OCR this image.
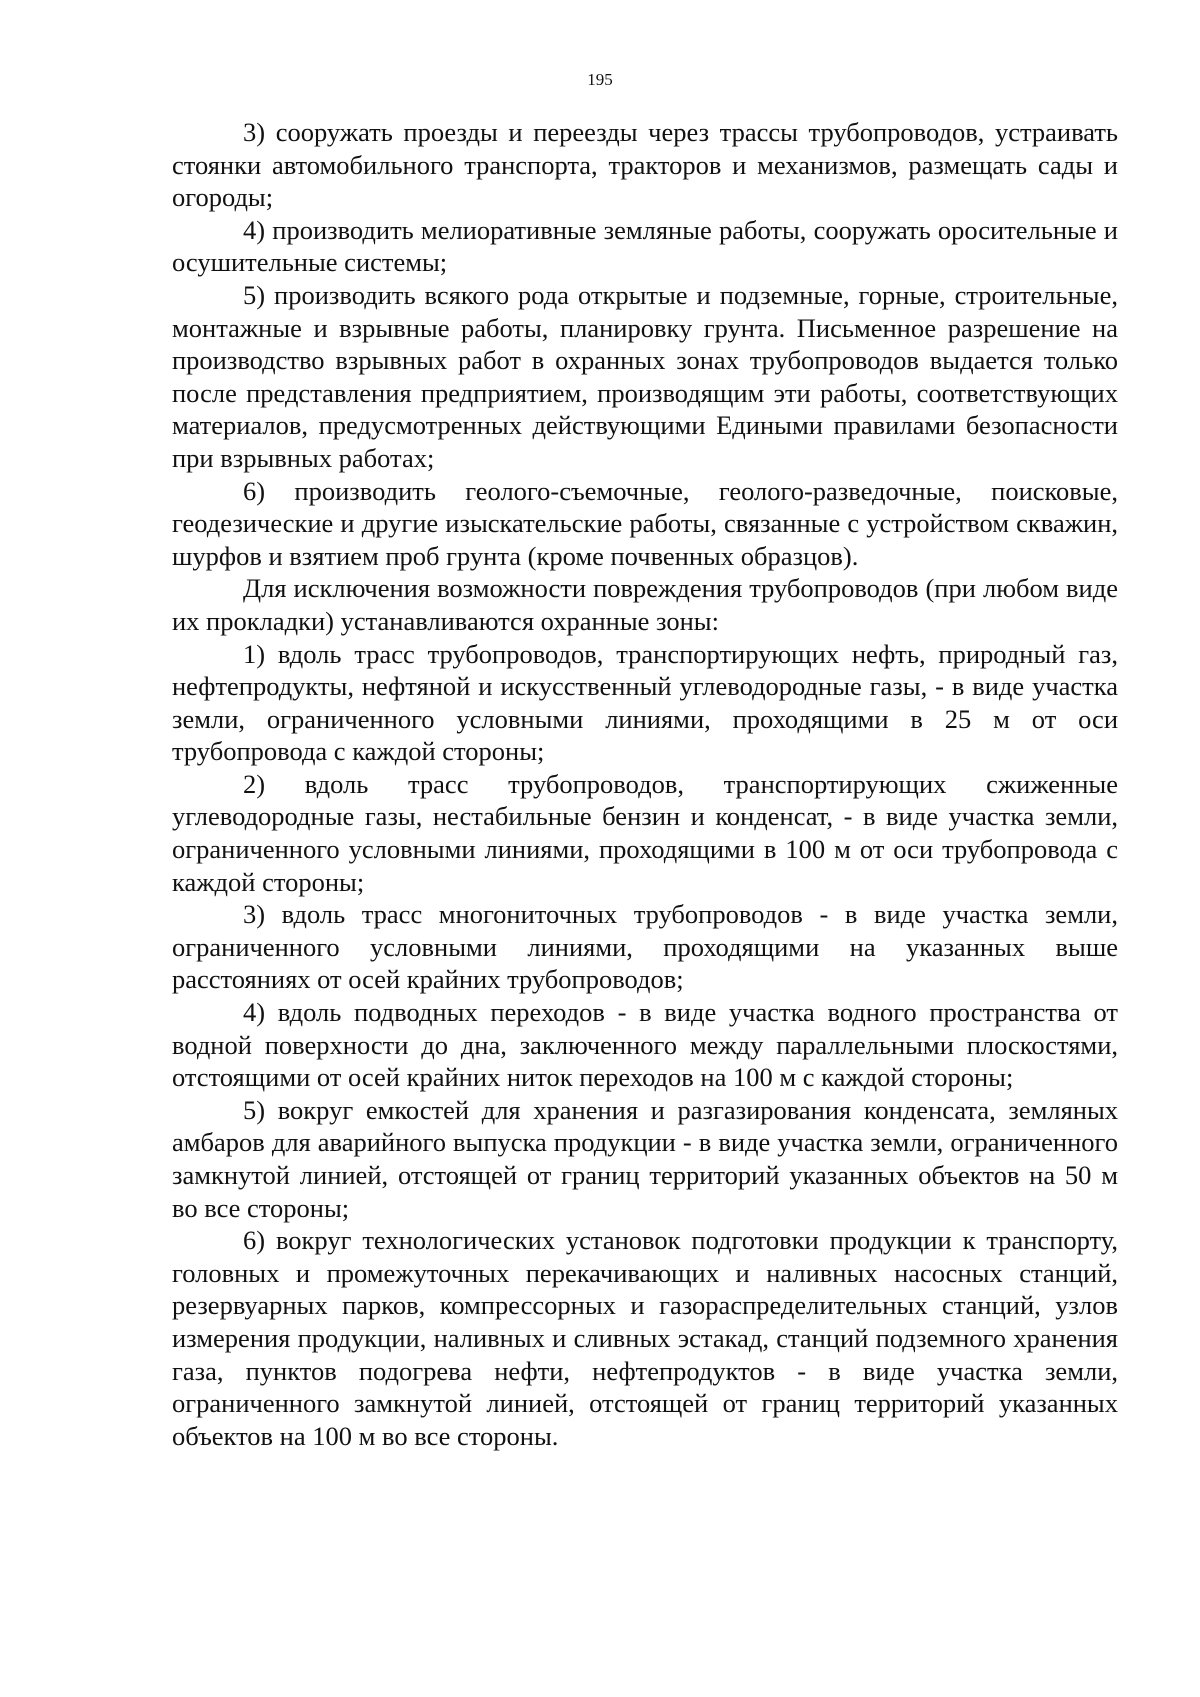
195

3) сооружать проезды и переезды через трассы трубопроводов, устраивать стоянки автомобильного транспорта, тракторов и механизмов, размещать сады и огороды;

4) производить мелиоративные земляные работы, сооружать оросительные и осушительные системы;

5) производить всякого рода открытые и подземные, горные, строительные, монтажные и взрывные работы, планировку грунта. Письменное разрешение на производство взрывных работ в охранных зонах трубопроводов выдается только после представления предприятием, производящим эти работы, соответствующих материалов, предусмотренных действующими Едиными правилами безопасности при взрывных работах;

6) производить геолого-съемочные, геолого-разведочные, поисковые, геодезические и другие изыскательские работы, связанные с устройством скважин, шурфов и взятием проб грунта (кроме почвенных образцов).

Для исключения возможности повреждения трубопроводов (при любом виде их прокладки) устанавливаются охранные зоны:

1) вдоль трасс трубопроводов, транспортирующих нефть, природный газ, нефтепродукты, нефтяной и искусственный углеводородные газы, - в виде участка земли, ограниченного условными линиями, проходящими в 25 м от оси трубопровода с каждой стороны;

2) вдоль трасс трубопроводов, транспортирующих сжиженные углеводородные газы, нестабильные бензин и конденсат, - в виде участка земли, ограниченного условными линиями, проходящими в 100 м от оси трубопровода с каждой стороны;

3) вдоль трасс многониточных трубопроводов - в виде участка земли, ограниченного условными линиями, проходящими на указанных выше расстояниях от осей крайних трубопроводов;

4) вдоль подводных переходов - в виде участка водного пространства от водной поверхности до дна, заключенного между параллельными плоскостями, отстоящими от осей крайних ниток переходов на 100 м с каждой стороны;

5) вокруг емкостей для хранения и разгазирования конденсата, земляных амбаров для аварийного выпуска продукции - в виде участка земли, ограниченного замкнутой линией, отстоящей от границ территорий указанных объектов на 50 м во все стороны;

6) вокруг технологических установок подготовки продукции к транспорту, головных и промежуточных перекачивающих и наливных насосных станций, резервуарных парков, компрессорных и газораспределительных станций, узлов измерения продукции, наливных и сливных эстакад, станций подземного хранения газа, пунктов подогрева нефти, нефтепродуктов - в виде участка земли, ограниченного замкнутой линией, отстоящей от границ территорий указанных объектов на 100 м во все стороны.
